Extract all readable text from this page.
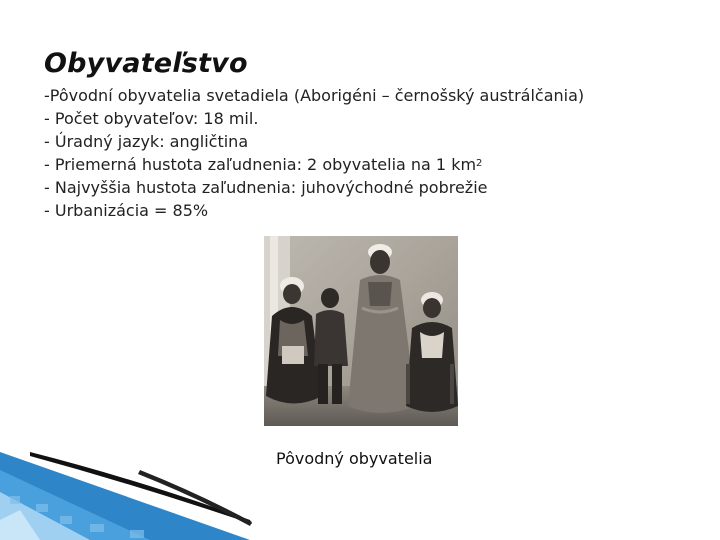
Obyvateľstvo
-Pôvodní obyvatelia svetadiela (Aborigéni – černošský austrálčania)
- Počet obyvateľov: 18 mil.
- Úradný jazyk: angličtina
- Priemerná hustota zaľudnenia: 2 obyvatelia na 1 $km^2$
- Najvyššia hustota zaľudnenia: juhovýchodné pobrežie
- Urbanizácia = 85%
Pôvodný obyvatelia
